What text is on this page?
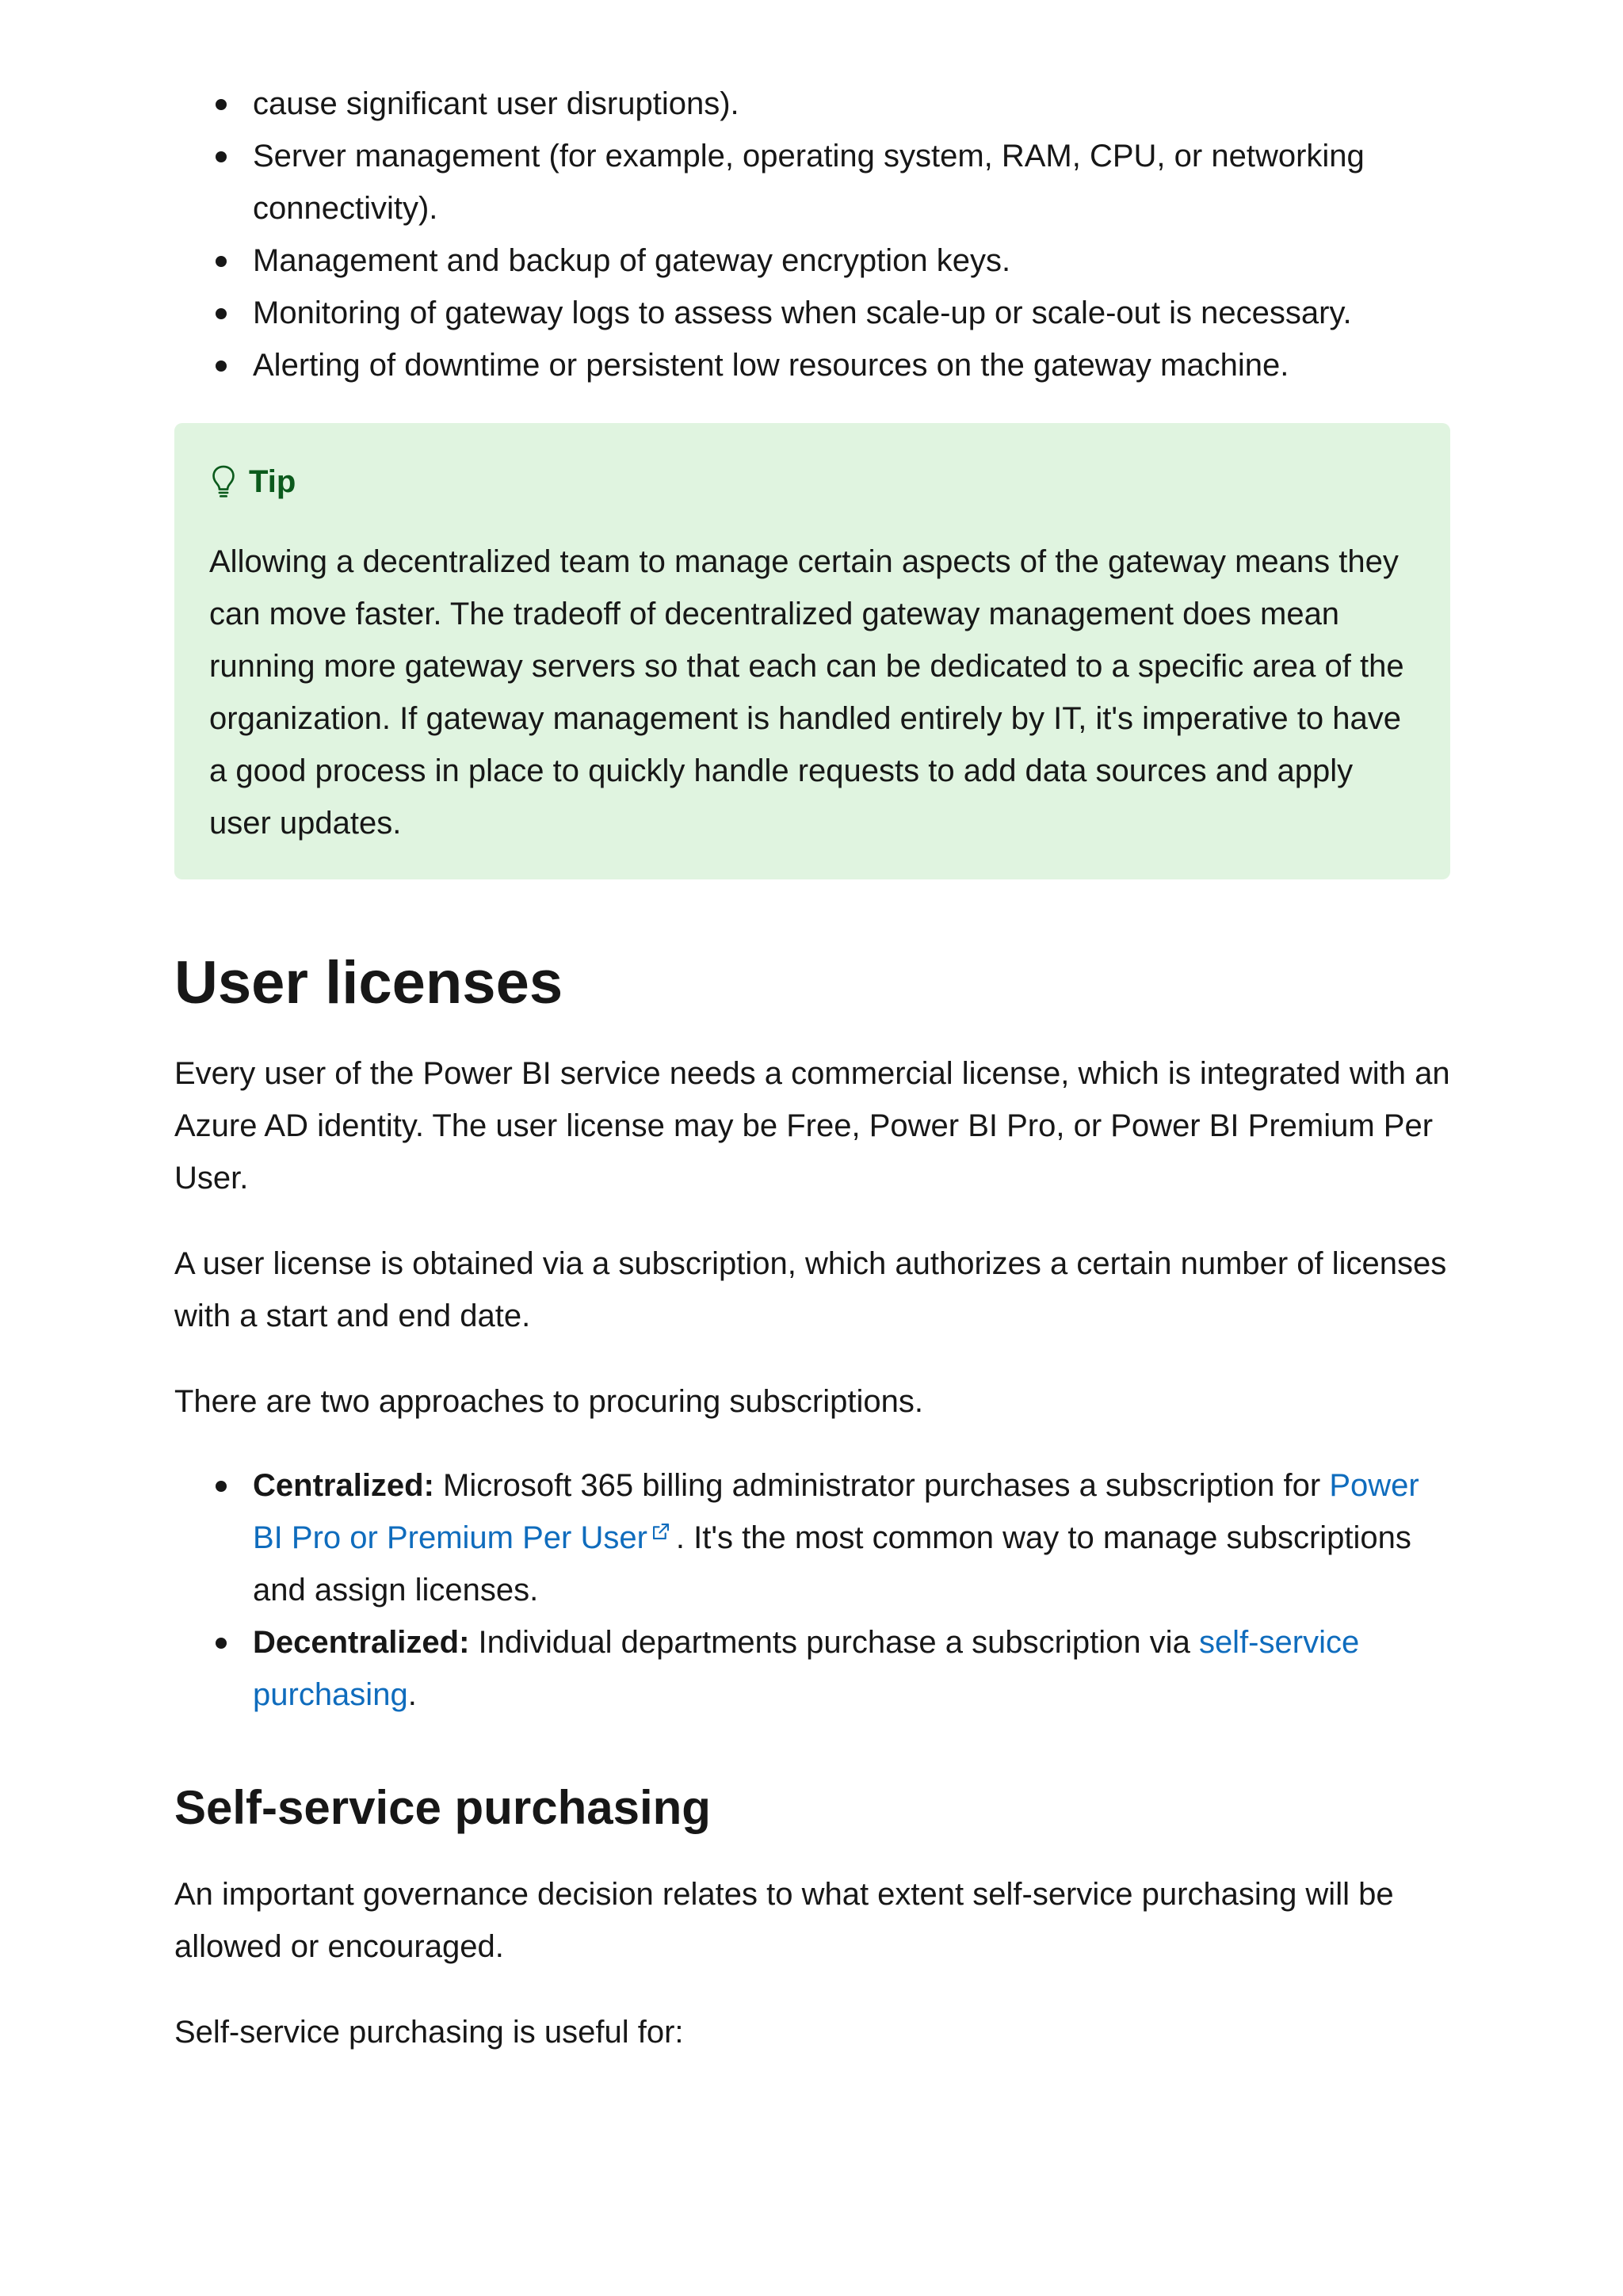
cause significant user disruptions).
Server management (for example, operating system, RAM, CPU, or networking connectivity).
Management and backup of gateway encryption keys.
Monitoring of gateway logs to assess when scale-up or scale-out is necessary.
Alerting of downtime or persistent low resources on the gateway machine.
Tip

Allowing a decentralized team to manage certain aspects of the gateway means they can move faster. The tradeoff of decentralized gateway management does mean running more gateway servers so that each can be dedicated to a specific area of the organization. If gateway management is handled entirely by IT, it's imperative to have a good process in place to quickly handle requests to add data sources and apply user updates.

User licenses

Every user of the Power BI service needs a commercial license, which is integrated with an Azure AD identity. The user license may be Free, Power BI Pro, or Power BI Premium Per User.

A user license is obtained via a subscription, which authorizes a certain number of licenses with a start and end date.

There are two approaches to procuring subscriptions.

Centralized: Microsoft 365 billing administrator purchases a subscription for Power BI Pro or Premium Per User . It's the most common way to manage subscriptions and assign licenses.
Decentralized: Individual departments purchase a subscription via self-service purchasing.
Self-service purchasing

An important governance decision relates to what extent self-service purchasing will be allowed or encouraged.

Self-service purchasing is useful for:
